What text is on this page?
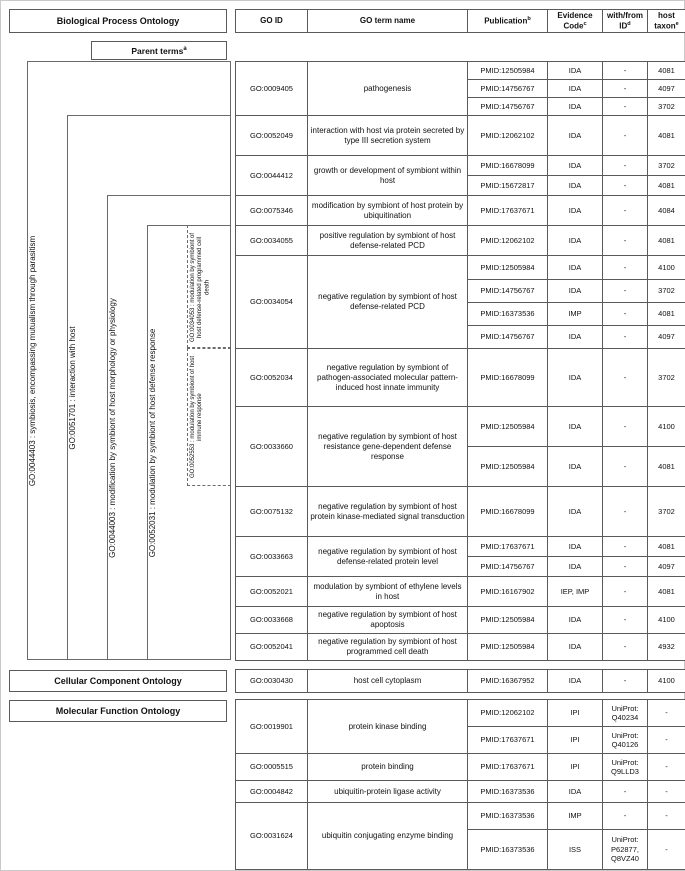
Biological Process Ontology	GO ID	GO term name	Publication$^b$	Evidence Code$^c$	with/from $ID^d$	host taxon$^e$
Parent terms$^a$
GO:0044403 : symbiosis, encompassing mutualism through parasitism	GO:0051701 : interaction with host	GO:0044003 : modification by symbiont of host morphology or physiology	GO:0052031 : modulation by symbiont of host defense response
GO:0034053 : modulation by symbiont of host defense-related programmed cell death
GO:0052553 : modulation by symbiont of host immune response
GO:0009405	pathogenesis	PMID:12505984	IDA	-	4081
		PMID:14756767	IDA	-	4097
		PMID:14756767	IDA	-	3702
GO:0052049	interaction with host via protein secreted by type III secretion system	PMID:12062102	IDA	-	4081
GO:0044412	growth or development of symbiont within host	PMID:16678099	IDA	-	3702
		PMID:15672817	IDA	-	4081
GO:0075346	modification by symbiont of host protein by ubiquitination	PMID:17637671	IDA	-	4084
GO:0034055	positive regulation by symbiont of host defense-related PCD	PMID:12062102	IDA	-	4081
GO:0034054	negative regulation by symbiont of host defense-related PCD	PMID:12505984	IDA	-	4100
		PMID:14756767	IDA	-	3702
		PMID:16373536	IMP	-	4081
		PMID:14756767	IDA	-	4097
GO:0052034	negative regulation by symbiont of pathogen-associated molecular pattern-induced host innate immunity	PMID:16678099	IDA	-	3702
GO:0033660	negative regulation by symbiont of host resistance gene-dependent defense response	PMID:12505984	IDA	-	4100
		PMID:12505984	IDA	-	4081
GO:0075132	negative regulation by symbiont of host protein kinase-mediated signal transduction	PMID:16678099	IDA	-	3702
GO:0033663	negative regulation by symbiont of host defense-related protein level	PMID:17637671	IDA	-	4081
		PMID:14756767	IDA	-	4097
GO:0052021	modulation by symbiont of ethylene levels in host	PMID:16167902	IEP, IMP	-	4081
GO:0033668	negative regulation by symbiont of host apoptosis	PMID:12505984	IDA	-	4100
GO:0052041	negative regulation by symbiont of host programmed cell death	PMID:12505984	IDA	-	4932
Cellular Component Ontology	GO:0030430	host cell cytoplasm	PMID:16367952	IDA	-	4100
Molecular Function Ontology
GO:0019901	protein kinase binding	PMID:12062102	IPI	UniProt: Q40234	-
		PMID:17637671	IPI	UniProt: Q40126	-
GO:0005515	protein binding	PMID:17637671	IPI	UniProt: Q9LLD3	-
GO:0004842	ubiquitin-protein ligase activity	PMID:16373536	IDA	-	-
GO:0031624	ubiquitin conjugating enzyme binding	PMID:16373536	IMP	-	-
		PMID:16373536	ISS	UniProt: P62877, Q8VZ40	-
